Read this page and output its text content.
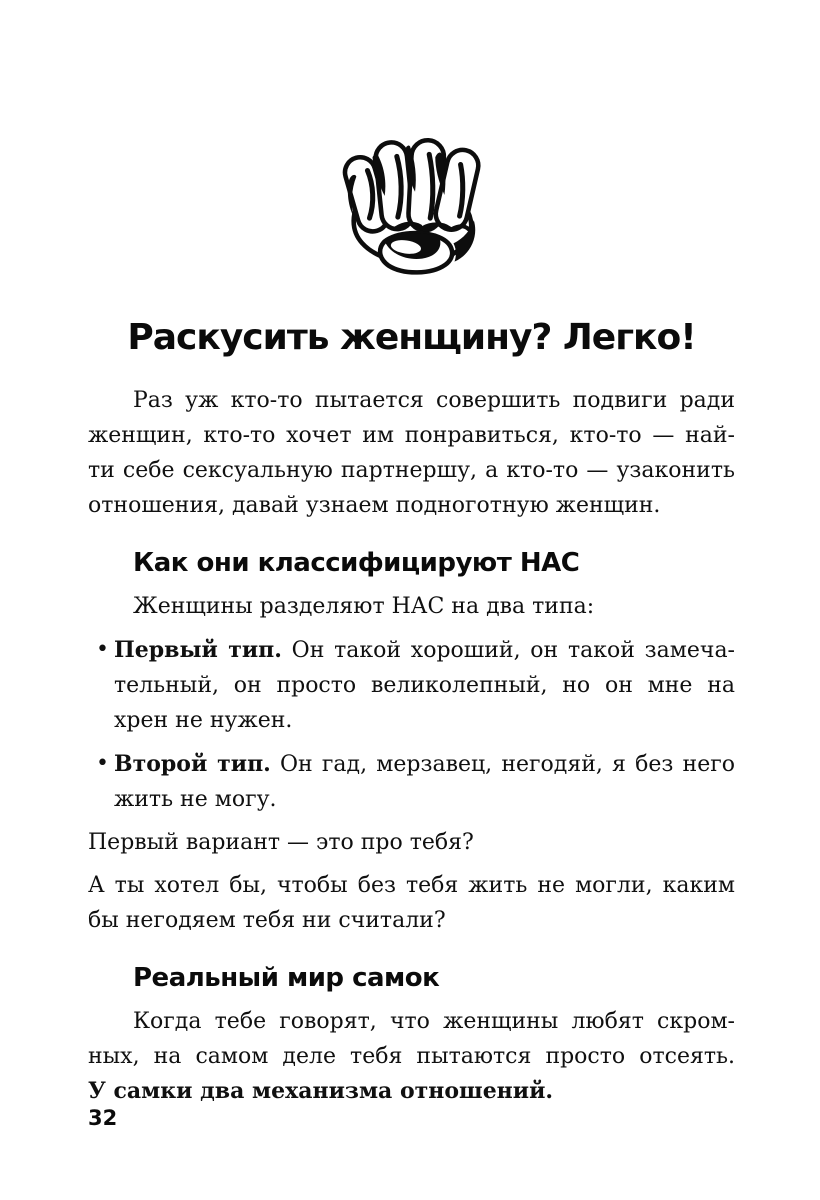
Раскусить женщину? Легко!
Раз уж кто-то пытается совершить подвиги ради
женщин, кто-то хочет им понравиться, кто-то — най-
ти себе сексуальную партнершу, а кто-то — узаконить
отношения, давай узнаем подноготную женщин.
Как они классифицируют НАС
Женщины разделяют НАС на два типа:
• Первый тип. Он такой хороший, он такой замеча-
тельный, он просто великолепный, но он мне на
хрен не нужен.
• Второй тип. Он гад, мерзавец, негодяй, я без него
жить не могу.
Первый вариант — это про тебя?
А ты хотел бы, чтобы без тебя жить не могли, каким
бы негодяем тебя ни считали?
Реальный мир самок
Когда тебе говорят, что женщины любят скром-
ных, на самом деле тебя пытаются просто отсеять.
У самки два механизма отношений.
32
